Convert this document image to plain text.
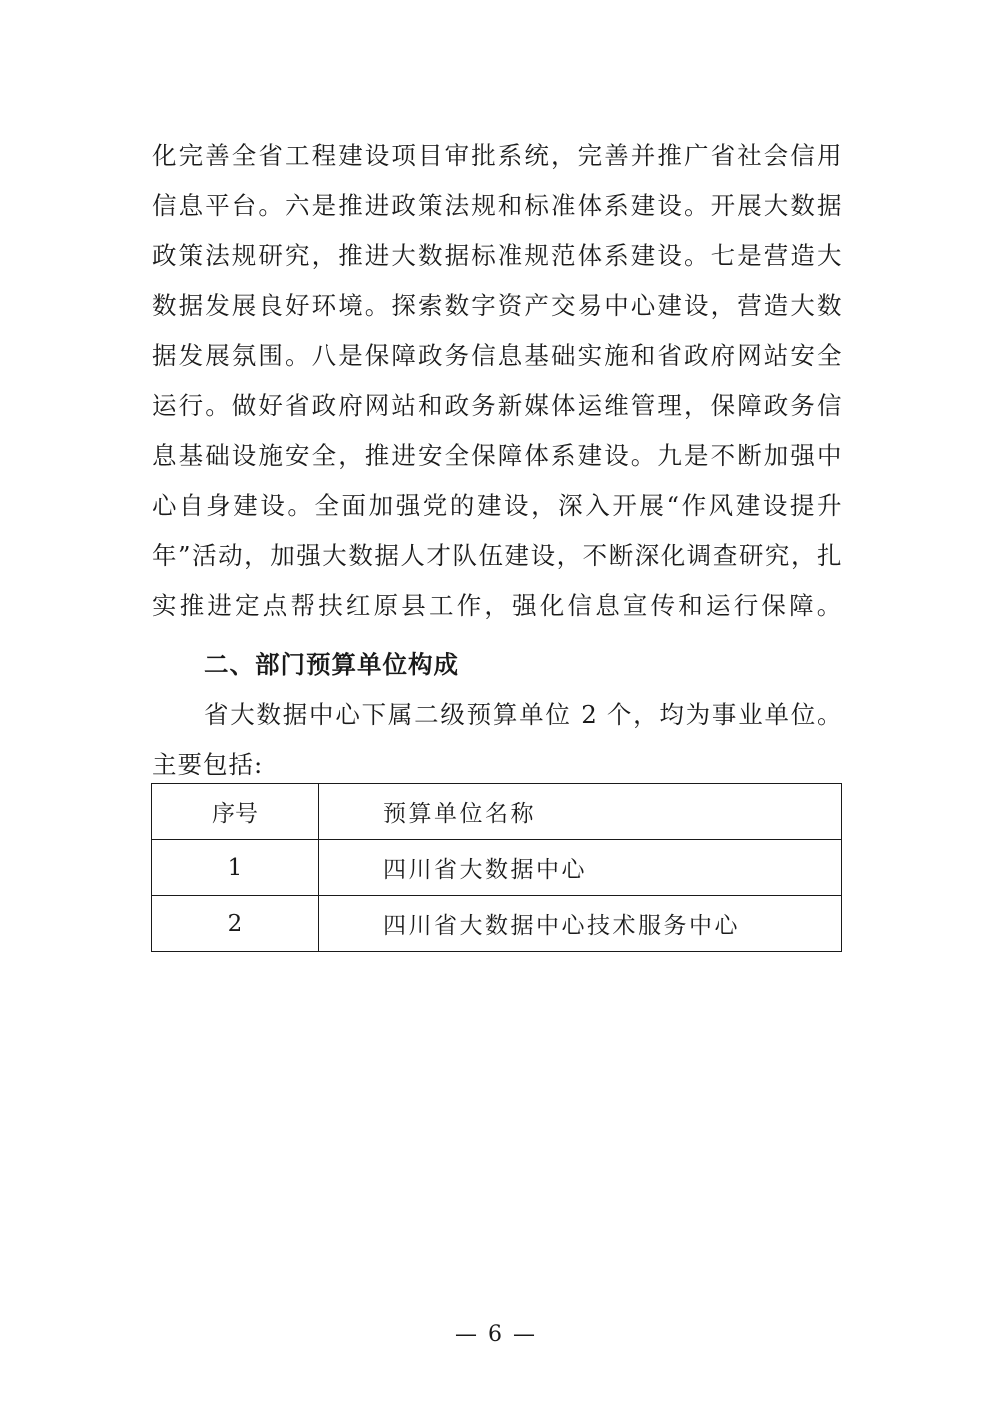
化完善全省工程建设项目审批系统，完善并推广省社会信用
信息平台。六是推进政策法规和标准体系建设。开展大数据
政策法规研究，推进大数据标准规范体系建设。七是营造大
数据发展良好环境。探索数字资产交易中心建设，营造大数
据发展氛围。八是保障政务信息基础实施和省政府网站安全
运行。做好省政府网站和政务新媒体运维管理，保障政务信
息基础设施安全，推进安全保障体系建设。九是不断加强中
心自身建设。全面加强党的建设，深入开展“作风建设提升
年”活动，加强大数据人才队伍建设，不断深化调查研究，扎
实推进定点帮扶红原县工作，强化信息宣传和运行保障。
二、部门预算单位构成
省大数据中心下属二级预算单位 2 个，均为事业单位。
主要包括:
序号	预算单位名称
1	四川省大数据中心
2	四川省大数据中心技术服务中心
— 6 —
